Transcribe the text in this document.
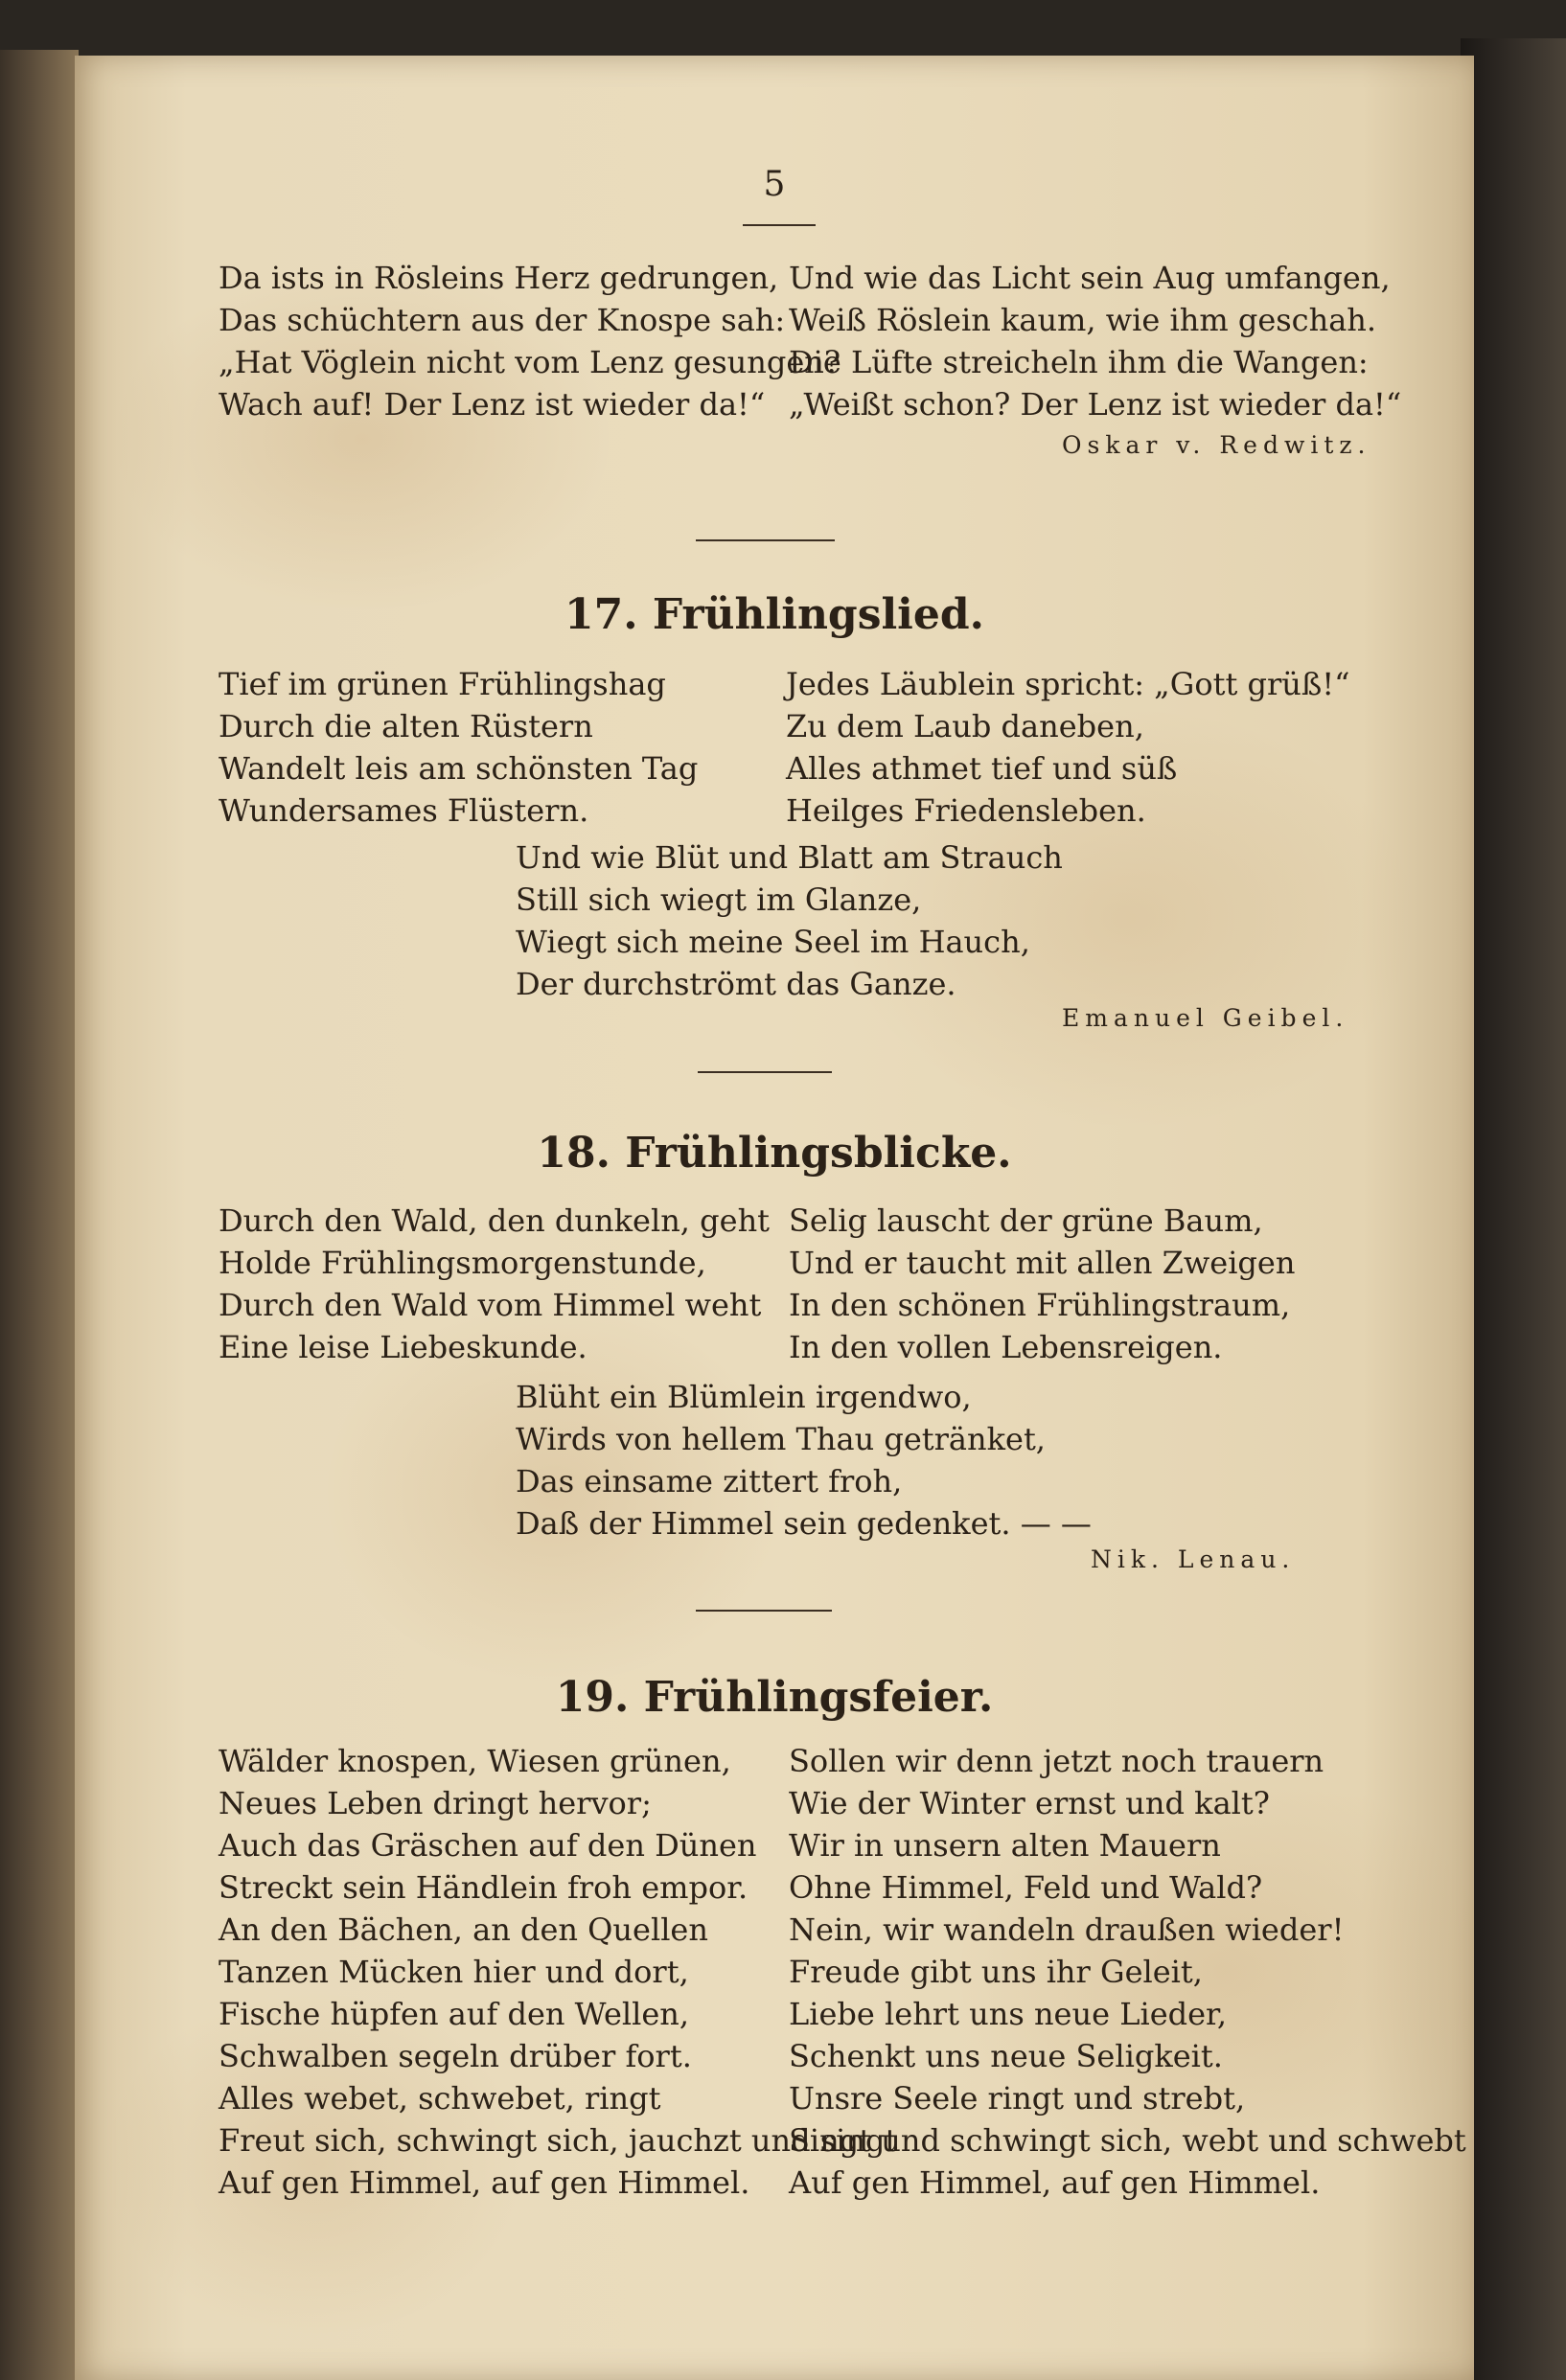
5
Da ists in Rösleins Herz gedrungen,
Das schüchtern aus der Knospe sah:
„Hat Vöglein nicht vom Lenz gesungen?
Wach auf! Der Lenz ist wieder da!“
Und wie das Licht sein Aug umfangen,
Weiß Röslein kaum, wie ihm geschah.
Die Lüfte streicheln ihm die Wangen:
„Weißt schon? Der Lenz ist wieder da!“
Oskar v. Redwitz.
17. Frühlingslied.
Tief im grünen Frühlingshag
Durch die alten Rüstern
Wandelt leis am schönsten Tag
Wundersames Flüstern.
Jedes Läublein spricht: „Gott grüß!“
Zu dem Laub daneben,
Alles athmet tief und süß
Heilges Friedensleben.
Und wie Blüt und Blatt am Strauch
Still sich wiegt im Glanze,
Wiegt sich meine Seel im Hauch,
Der durchströmt das Ganze.
Emanuel Geibel.
18. Frühlingsblicke.
Durch den Wald, den dunkeln, geht
Holde Frühlingsmorgenstunde,
Durch den Wald vom Himmel weht
Eine leise Liebeskunde.
Selig lauscht der grüne Baum,
Und er taucht mit allen Zweigen
In den schönen Frühlingstraum,
In den vollen Lebensreigen.
Blüht ein Blümlein irgendwo,
Wirds von hellem Thau getränket,
Das einsame zittert froh,
Daß der Himmel sein gedenket. — —
Nik. Lenau.
19. Frühlingsfeier.
Wälder knospen, Wiesen grünen,
Neues Leben dringt hervor;
Auch das Gräschen auf den Dünen
Streckt sein Händlein froh empor.
An den Bächen, an den Quellen
Tanzen Mücken hier und dort,
Fische hüpfen auf den Wellen,
Schwalben segeln drüber fort.
Alles webet, schwebet, ringt
Freut sich, schwingt sich, jauchzt und singt
Auf gen Himmel, auf gen Himmel.
Sollen wir denn jetzt noch trauern
Wie der Winter ernst und kalt?
Wir in unsern alten Mauern
Ohne Himmel, Feld und Wald?
Nein, wir wandeln draußen wieder!
Freude gibt uns ihr Geleit,
Liebe lehrt uns neue Lieder,
Schenkt uns neue Seligkeit.
Unsre Seele ringt und strebt,
Singt und schwingt sich, webt und schwebt
Auf gen Himmel, auf gen Himmel.
